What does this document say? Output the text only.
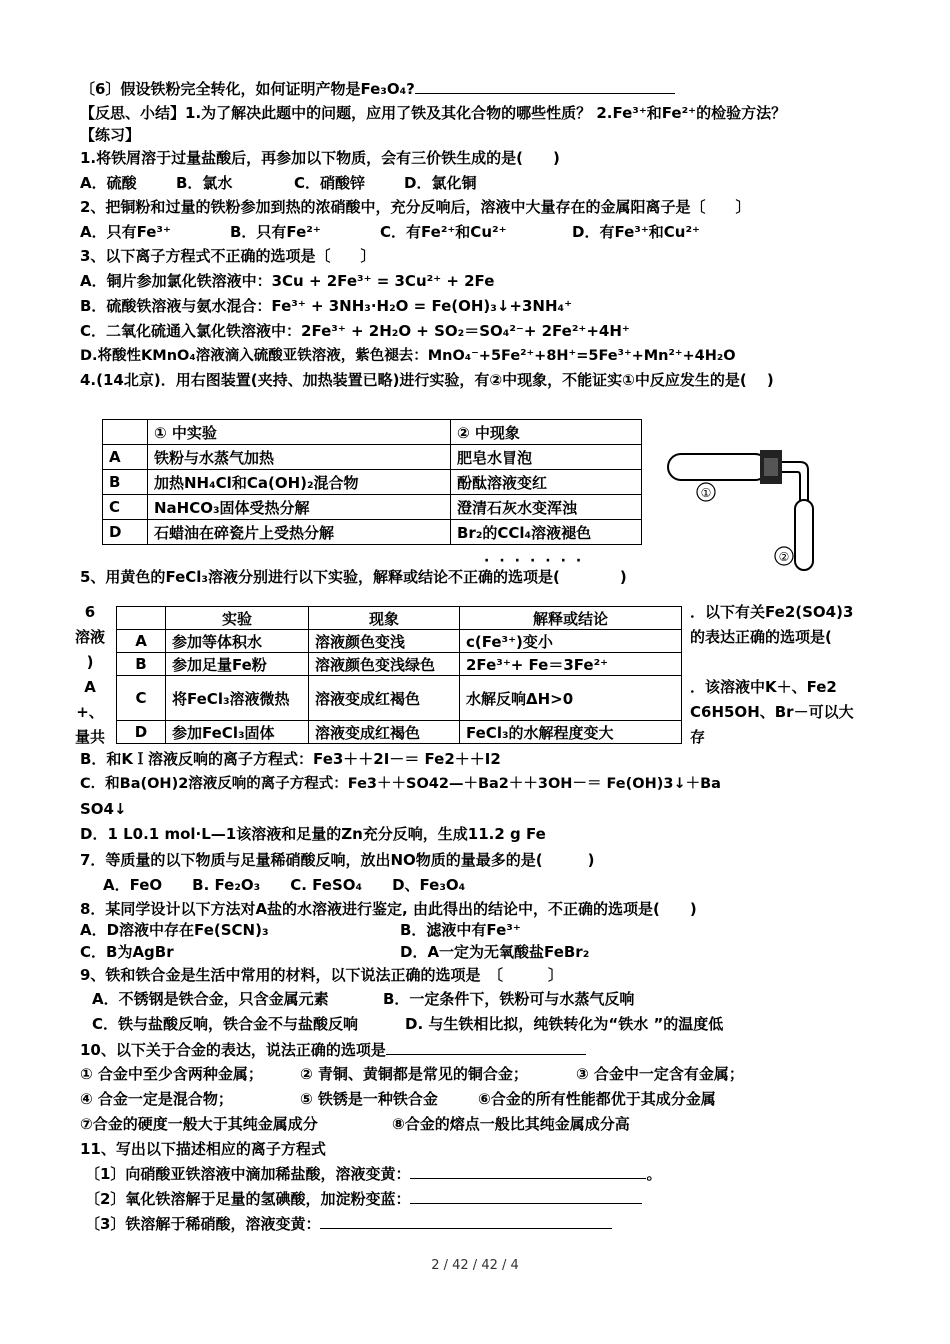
〔6〕假设铁粉完全转化，如何证明产物是Fe₃O₄?
【反思、小结】1.为了解决此题中的问题，应用了铁及其化合物的哪些性质？ 2.Fe³⁺和Fe²⁺的检验方法？
【练习】
1.将铁屑溶于过量盐酸后，再参加以下物质，会有三价铁生成的是(　　)
A．硫酸	B．氯水	C．硝酸锌	D．氯化铜
2、把铜粉和过量的铁粉参加到热的浓硝酸中，充分反响后，溶液中大量存在的金属阳离子是〔　　〕
A．只有Fe³⁺	B．只有Fe²⁺	C．有Fe²⁺和Cu²⁺	D．有Fe³⁺和Cu²⁺
3、以下离子方程式不正确的选项是〔　　〕
A．铜片参加氯化铁溶液中：3Cu + 2Fe³⁺ = 3Cu²⁺ + 2Fe
B．硫酸铁溶液与氨水混合：Fe³⁺ + 3NH₃·H₂O = Fe(OH)₃↓+3NH₄⁺
C．二氧化硫通入氯化铁溶液中：2Fe³⁺ + 2H₂O + SO₂＝SO₄²⁻+ 2Fe²⁺+4H⁺
D.将酸性KMnO₄溶液滴入硫酸亚铁溶液，紫色褪去：MnO₄⁻+5Fe²⁺+8H⁺=5Fe³⁺+Mn²⁺+4H₂O
4.(14北京)．用右图装置(夹持、加热装置已略)进行实验，有②中现象，不能证实①中反应发生的是(　 )
	① 中实验	② 中现象
A	铁粉与水蒸气加热	肥皂水冒泡
B	加热NH₄Cl和Ca(OH)₂混合物	酚酞溶液变红
C	NaHCO₃固体受热分解	澄清石灰水变浑浊
D	石蜡油在碎瓷片上受热分解	Br₂的CCl₄溶液褪色
①
②
·······
5、用黄色的FeCl₃溶液分别进行以下实验，解释或结论不正确的选项是(　　　　)
6
溶液
)
A
+、
量共
	实验	现象	解释或结论
A	参加等体积水	溶液颜色变浅	c(Fe³⁺)变小
B	参加足量Fe粉	溶液颜色变浅绿色	2Fe³⁺+ Fe＝3Fe²⁺
C	将FeCl₃溶液微热	溶液变成红褐色	水解反响ΔH>0
D	参加FeCl₃固体	溶液变成红褐色	FeCl₃的水解程度变大
．以下有关Fe2(SO4)3
的表达正确的选项是(
．该溶液中K＋、Fe2
C6H5OH、Br－可以大
存
B．和KＩ溶液反响的离子方程式：Fe3＋＋2I－＝ Fe2＋＋I2
C．和Ba(OH)2溶液反响的离子方程式：Fe3＋＋SO42—＋Ba2＋＋3OH－＝ Fe(OH)3↓＋Ba
SO4↓
D．1 L0.1 mol·L—1该溶液和足量的Zn充分反响，生成11.2 g Fe
7．等质量的以下物质与足量稀硝酸反响，放出NO物质的量最多的是(　　　)
A．FeO　　B. Fe₂O₃　　C. FeSO₄　　D、Fe₃O₄
8．某同学设计以下方法对A盐的水溶液进行鉴定, 由此得出的结论中，不正确的选项是(　　)
A．D溶液中存在Fe(SCN)₃	B．滤液中有Fe³⁺
C．B为AgBr	D．A一定为无氧酸盐FeBr₂
9、铁和铁合金是生活中常用的材料，以下说法正确的选项是　〔　　　〕
A．不锈钢是铁合金，只含金属元素	B．一定条件下，铁粉可与水蒸气反响
C．铁与盐酸反响，铁合金不与盐酸反响	D. 与生铁相比拟，纯铁转化为“铁水 ”的温度低
10、以下关于合金的表达，说法正确的选项是
① 合金中至少含两种金属； ② 青铜、黄铜都是常见的铜合金；	③ 合金中一定含有金属；
④ 合金一定是混合物；	⑤ 铁锈是一种铁合金	⑥合金的所有性能都优于其成分金属
⑦合金的硬度一般大于其纯金属成分	⑧合金的熔点一般比其纯金属成分高
11、写出以下描述相应的离子方程式
〔1〕向硝酸亚铁溶液中滴加稀盐酸，溶液变黄：	。
〔2〕氧化铁溶解于足量的氢碘酸，加淀粉变蓝：
〔3〕铁溶解于稀硝酸，溶液变黄：
2 / 42 / 42 / 4
